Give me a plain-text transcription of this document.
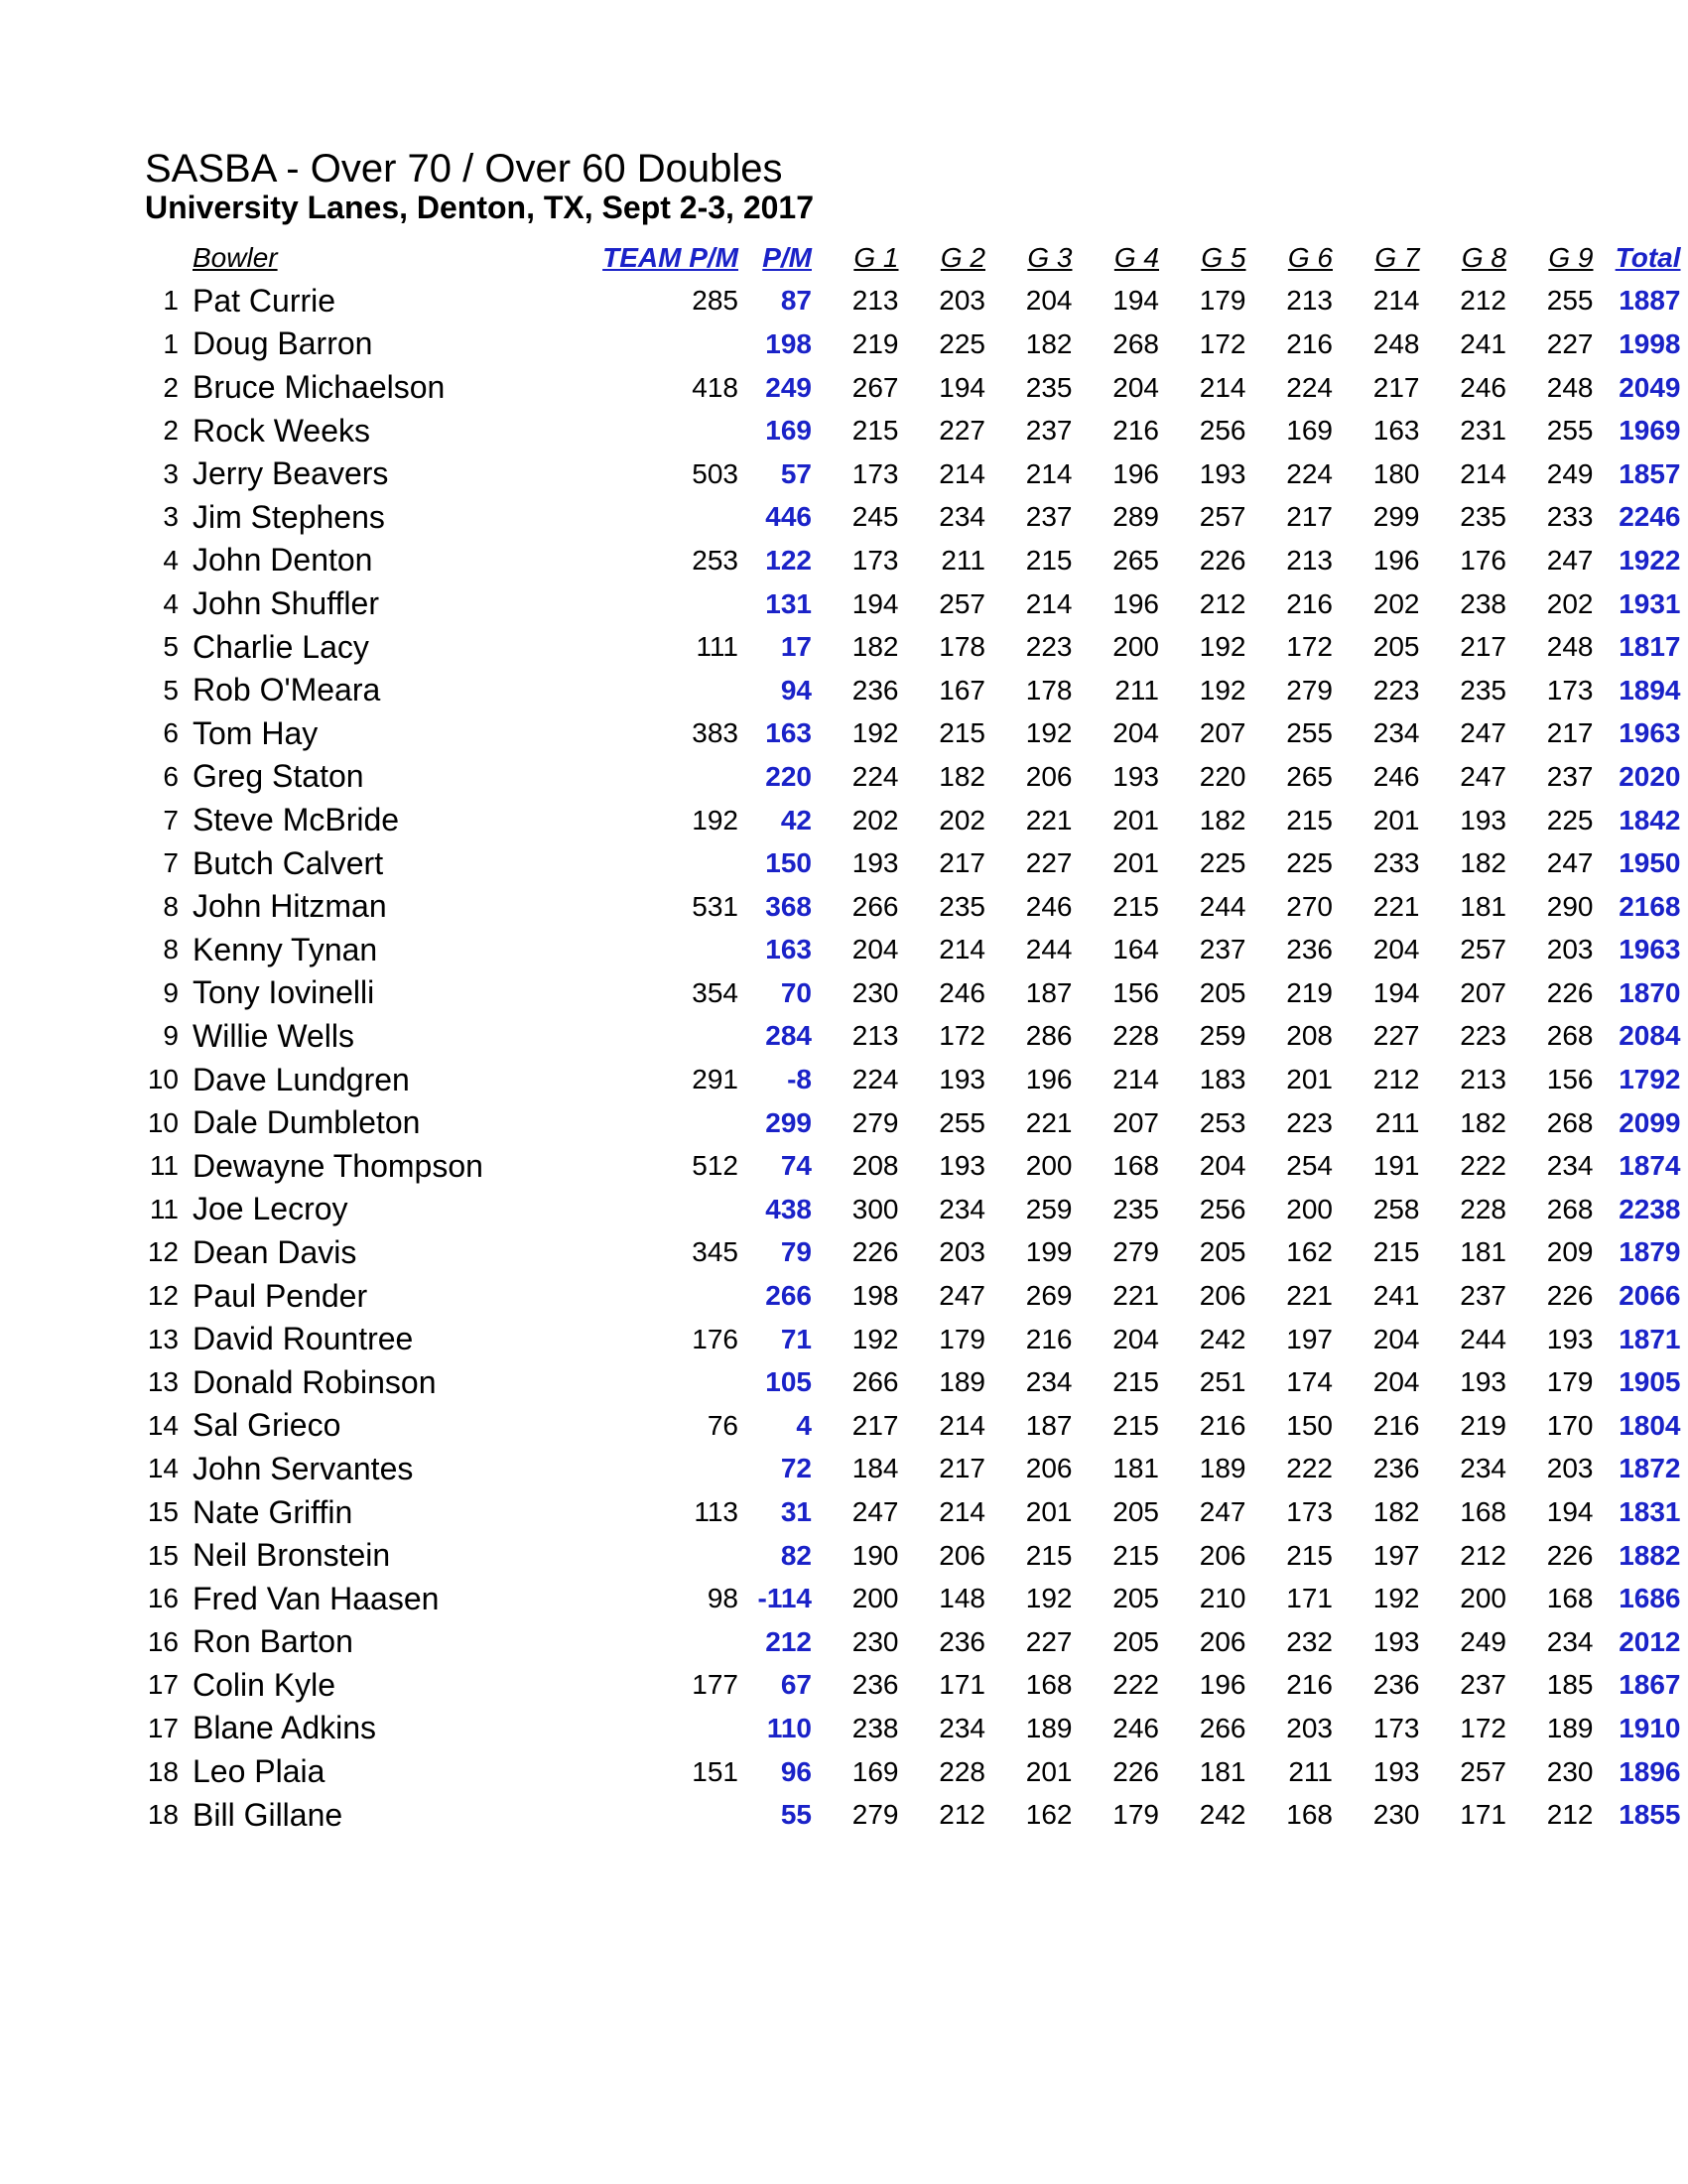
SASBA - Over 70 / Over 60 Doubles
University Lanes, Denton, TX, Sept 2-3, 2017
	Bowler	TEAM P/M	P/M	G 1	G 2	G 3	G 4	G 5	G 6	G 7	G 8	G 9	Total
1	Pat Currie	285	87	213	203	204	194	179	213	214	212	255	1887
1	Doug Barron		198	219	225	182	268	172	216	248	241	227	1998
2	Bruce Michaelson	418	249	267	194	235	204	214	224	217	246	248	2049
2	Rock Weeks		169	215	227	237	216	256	169	163	231	255	1969
3	Jerry Beavers	503	57	173	214	214	196	193	224	180	214	249	1857
3	Jim Stephens		446	245	234	237	289	257	217	299	235	233	2246
4	John Denton	253	122	173	211	215	265	226	213	196	176	247	1922
4	John Shuffler		131	194	257	214	196	212	216	202	238	202	1931
5	Charlie Lacy	111	17	182	178	223	200	192	172	205	217	248	1817
5	Rob O'Meara		94	236	167	178	211	192	279	223	235	173	1894
6	Tom Hay	383	163	192	215	192	204	207	255	234	247	217	1963
6	Greg Staton		220	224	182	206	193	220	265	246	247	237	2020
7	Steve McBride	192	42	202	202	221	201	182	215	201	193	225	1842
7	Butch Calvert		150	193	217	227	201	225	225	233	182	247	1950
8	John Hitzman	531	368	266	235	246	215	244	270	221	181	290	2168
8	Kenny Tynan		163	204	214	244	164	237	236	204	257	203	1963
9	Tony Iovinelli	354	70	230	246	187	156	205	219	194	207	226	1870
9	Willie Wells		284	213	172	286	228	259	208	227	223	268	2084
10	Dave Lundgren	291	-8	224	193	196	214	183	201	212	213	156	1792
10	Dale Dumbleton		299	279	255	221	207	253	223	211	182	268	2099
11	Dewayne Thompson	512	74	208	193	200	168	204	254	191	222	234	1874
11	Joe Lecroy		438	300	234	259	235	256	200	258	228	268	2238
12	Dean Davis	345	79	226	203	199	279	205	162	215	181	209	1879
12	Paul Pender		266	198	247	269	221	206	221	241	237	226	2066
13	David Rountree	176	71	192	179	216	204	242	197	204	244	193	1871
13	Donald Robinson		105	266	189	234	215	251	174	204	193	179	1905
14	Sal Grieco	76	4	217	214	187	215	216	150	216	219	170	1804
14	John Servantes		72	184	217	206	181	189	222	236	234	203	1872
15	Nate Griffin	113	31	247	214	201	205	247	173	182	168	194	1831
15	Neil Bronstein		82	190	206	215	215	206	215	197	212	226	1882
16	Fred Van Haasen	98	-114	200	148	192	205	210	171	192	200	168	1686
16	Ron Barton		212	230	236	227	205	206	232	193	249	234	2012
17	Colin Kyle	177	67	236	171	168	222	196	216	236	237	185	1867
17	Blane Adkins		110	238	234	189	246	266	203	173	172	189	1910
18	Leo Plaia	151	96	169	228	201	226	181	211	193	257	230	1896
18	Bill Gillane		55	279	212	162	179	242	168	230	171	212	1855
